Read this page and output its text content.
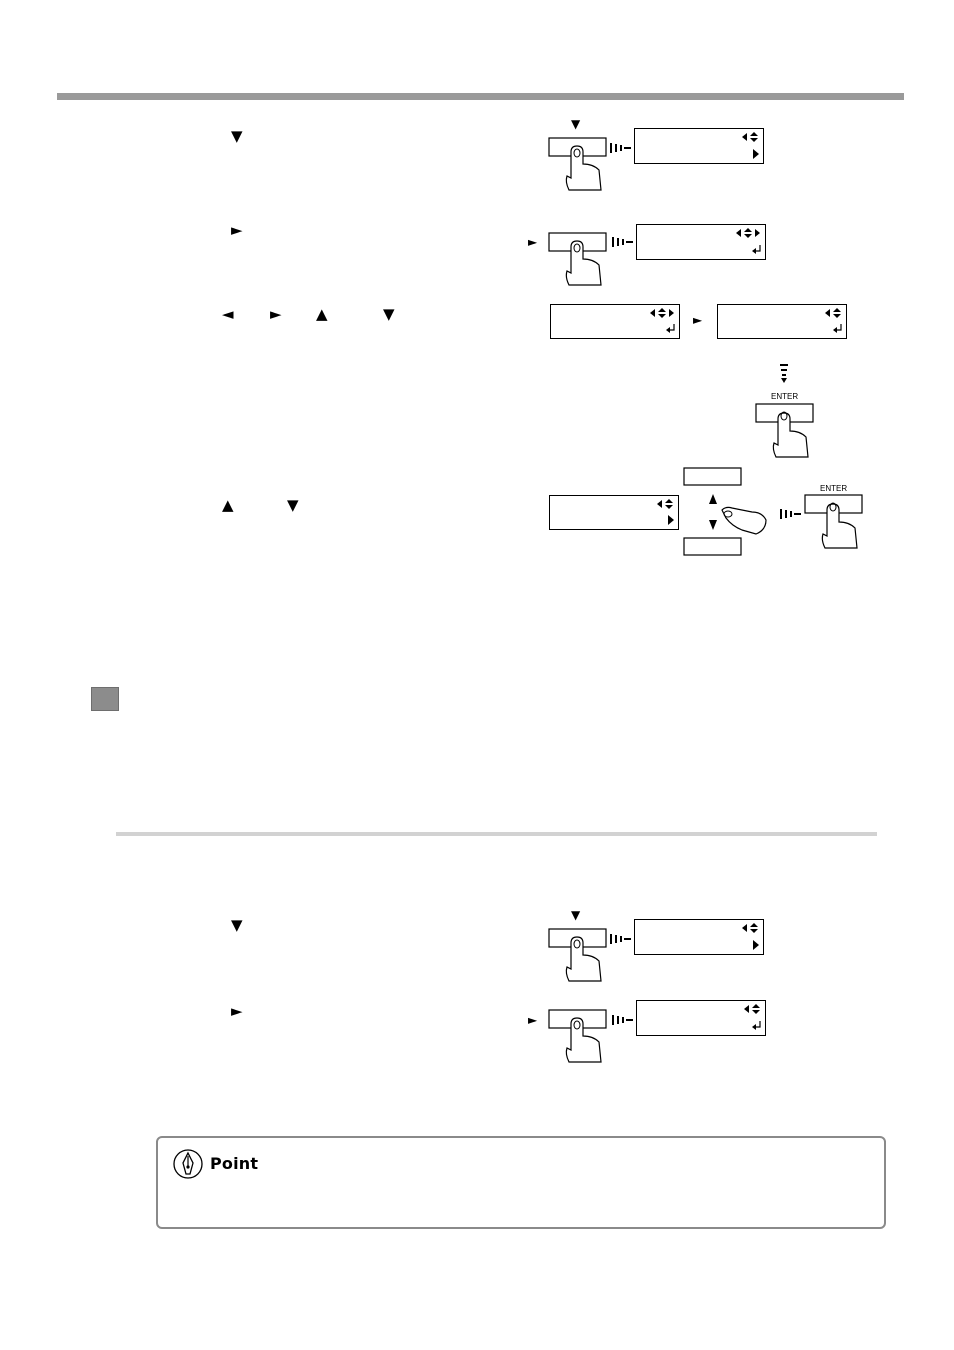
▼
►
◄ ► ▲	▼
▲	▼
▼
►
▼
►
►
ENTER
ENTER
▼
►
Point
